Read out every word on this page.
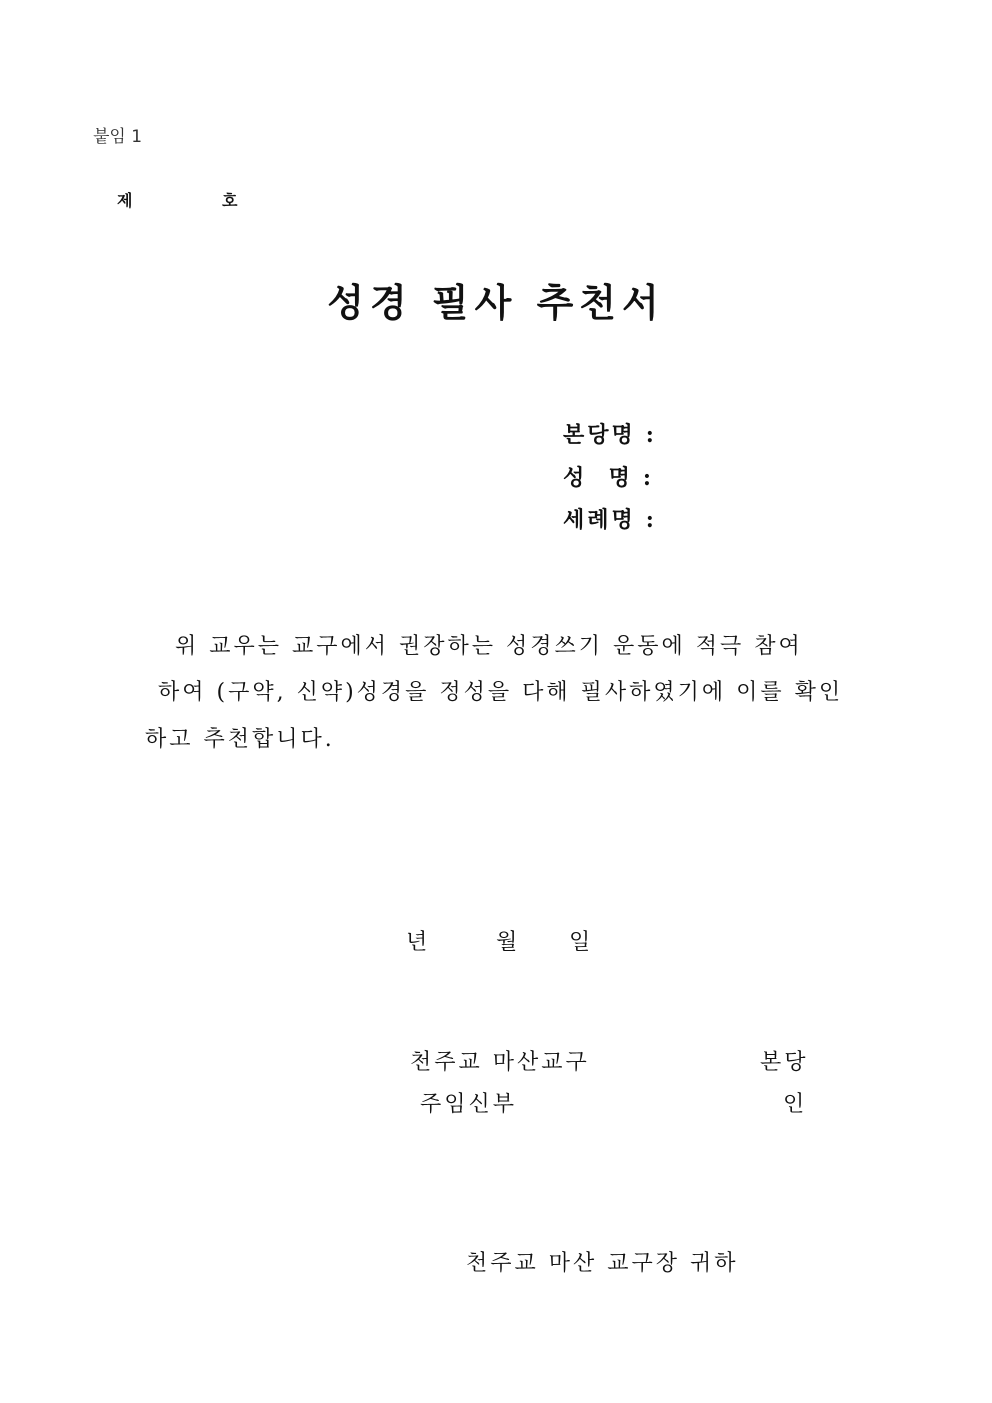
붙임 1
제	호
성경 필사 추천서
본당명 :
성  명 :
세례명 :
위 교우는 교구에서 권장하는 성경쓰기 운동에 적극 참여
하여 (구약, 신약)성경을 정성을 다해 필사하였기에 이를 확인
하고 추천합니다.
년	월 일
천주교 마산교구	본당
주임신부	인
천주교 마산 교구장 귀하
